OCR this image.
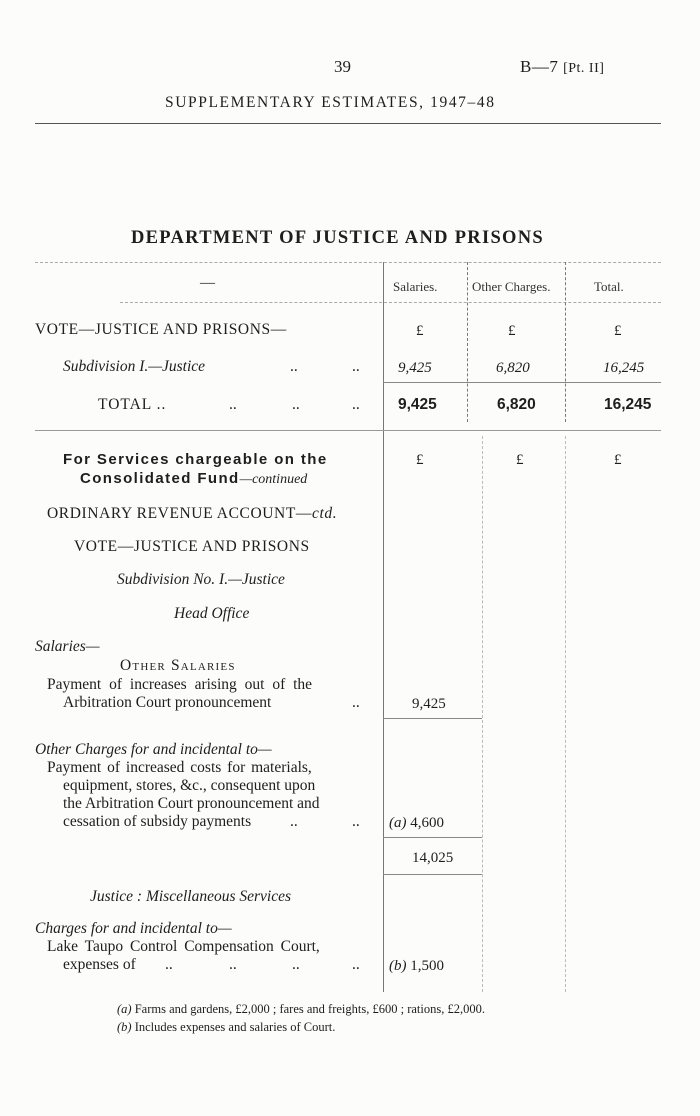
39	B—7 [Pt. II]
SUPPLEMENTARY ESTIMATES, 1947–48
DEPARTMENT OF JUSTICE AND PRISONS
—	Salaries.	Other Charges.	Total.
VOTE—JUSTICE AND PRISONS—	£	£	£
Subdivision I.—Justice	..	..	9,425	6,820	16,245
TOTAL ..	..	..	.. 9,425	6,820	16,245
For Services chargeable on the
Consolidated Fund—continued
£	£	£
ORDINARY REVENUE ACCOUNT—ctd.
VOTE—JUSTICE AND PRISONS
Subdivision No. I.—Justice
Head Office
Salaries—
Other Salaries
Payment of increases arising out of the
Arbitration Court pronouncement	..	9,425
Other Charges for and incidental to—
Payment of increased costs for materials,
equipment, stores, &c., consequent upon
the Arbitration Court pronouncement and
cessation of subsidy payments	..	.. (a) 4,600
14,025
Justice : Miscellaneous Services
Charges for and incidental to—
Lake Taupo Control Compensation Court,
expenses of ..	..	..	.. (b) 1,500
(a) Farms and gardens, £2,000 ; fares and freights, £600 ; rations, £2,000.
(b) Includes expenses and salaries of Court.
